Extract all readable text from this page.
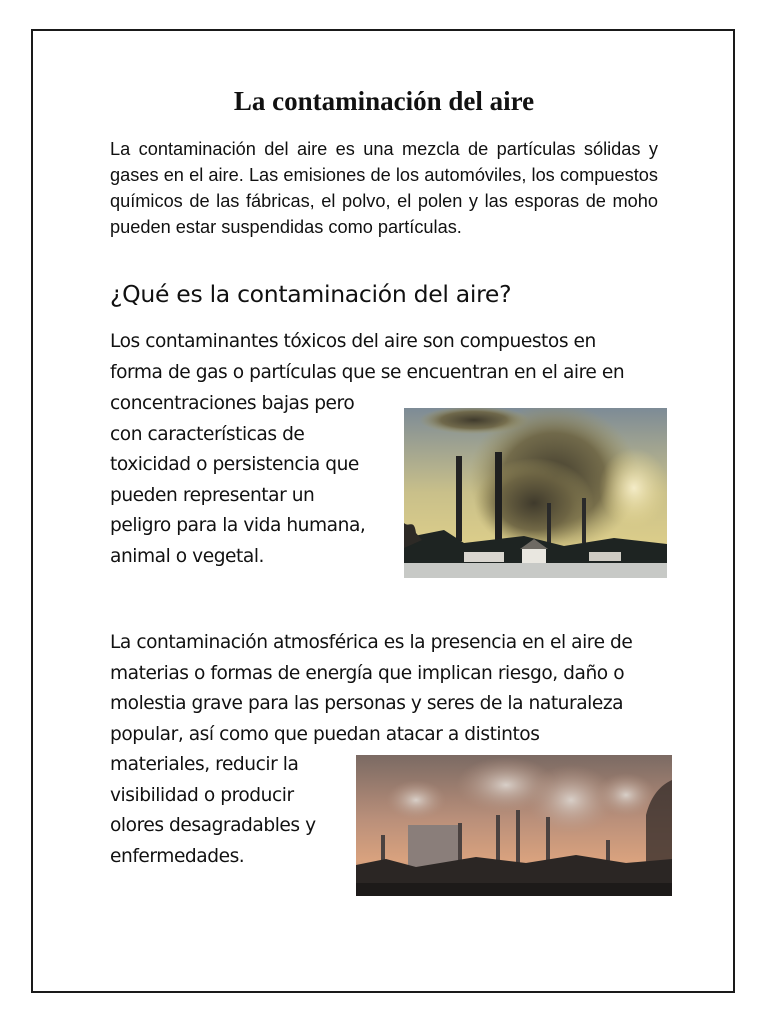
La contaminación del aire

La contaminación del aire es una mezcla de partículas sólidas y gases en el aire. Las emisiones de los automóviles, los compuestos químicos de las fábricas, el polvo, el polen y las esporas de moho pueden estar suspendidas como partículas.

¿Qué es la contaminación del aire?
Los contaminantes tóxicos del aire son compuestos en
forma de gas o partículas que se encuentran en el aire en
concentraciones bajas pero
con características de
toxicidad o persistencia que
pueden representar un
peligro para la vida humana,
animal o vegetal.
La contaminación atmosférica es la presencia en el aire de
materias o formas de energía que implican riesgo, daño o
molestia grave para las personas y seres de la naturaleza
popular, así como que puedan atacar a distintos
materiales, reducir la
visibilidad o producir
olores desagradables y
enfermedades.
